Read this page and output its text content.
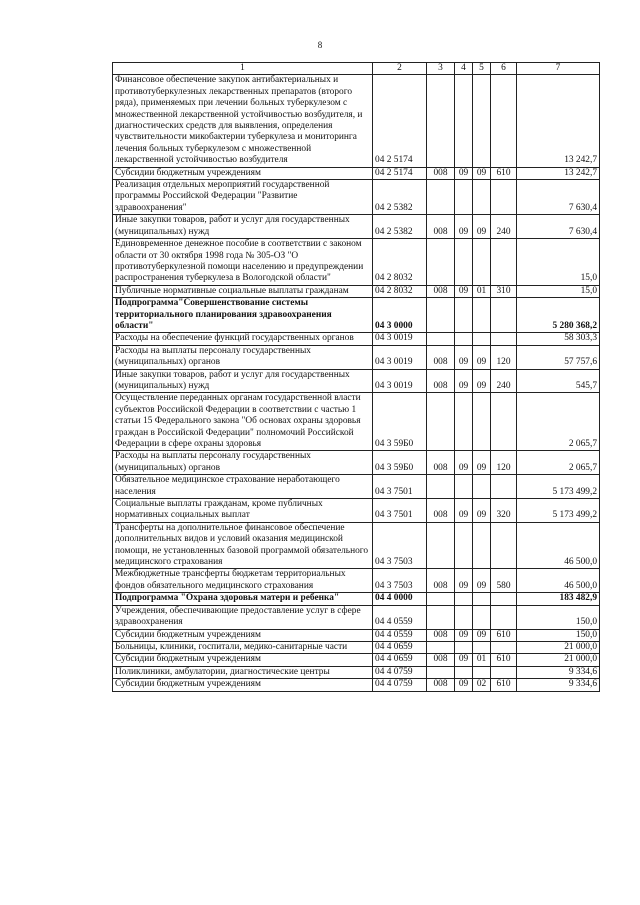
8
1	2	3	4	5	6	7
Финансовое обеспечение закупок антибактериальных и противотуберкулезных лекарственных препаратов (второго ряда), применяемых при лечении больных туберкулезом с множественной лекарственной устойчивостью возбудителя, и диагностических средств для выявления, определения чувствительности микобактерии туберкулеза и мониторинга лечения больных туберкулезом с множественной лекарственной устойчивостью возбудителя	04 2 5174					13 242,7
Субсидии бюджетным учреждениям	04 2 5174	008	09	09	610	13 242,7
Реализация отдельных мероприятий государственной программы Российской Федерации "Развитие здравоохранения"	04 2 5382					7 630,4
Иные закупки товаров, работ и услуг для государственных (муниципальных) нужд	04 2 5382	008	09	09	240	7 630,4
Единовременное денежное пособие в соответствии с законом области от 30 октября 1998 года № 305-ОЗ "О противотуберкулезной помощи населению и предупреждении распространения туберкулеза в Вологодской области"	04 2 8032					15,0
Публичные нормативные социальные выплаты гражданам	04 2 8032	008	09	01	310	15,0
Подпрограмма"Совершенствование системы территориального планирования здравоохранения области"	04 3 0000					5 280 368,2
Расходы на обеспечение функций государственных органов	04 3 0019					58 303,3
Расходы на выплаты персоналу государственных (муниципальных) органов	04 3 0019	008	09	09	120	57 757,6
Иные закупки товаров, работ и услуг для государственных (муниципальных) нужд	04 3 0019	008	09	09	240	545,7
Осуществление переданных органам государственной власти субъектов Российской Федерации в соответствии с частью 1 статьи 15 Федерального закона "Об основах охраны здоровья граждан в Российской Федерации" полномочий Российской Федерации в сфере охраны здоровья	04 3 59Б0					2 065,7
Расходы на выплаты персоналу государственных (муниципальных) органов	04 3 59Б0	008	09	09	120	2 065,7
Обязательное медицинское страхование неработающего населения	04 3 7501					5 173 499,2
Социальные выплаты гражданам, кроме публичных нормативных социальных выплат	04 3 7501	008	09	09	320	5 173 499,2
Трансферты на дополнительное финансовое обеспечение дополнительных видов и условий оказания медицинской помощи, не установленных базовой программой обязательного медицинского страхования	04 3 7503					46 500,0
Межбюджетные трансферты бюджетам территориальных фондов обязательного медицинского страхования	04 3 7503	008	09	09	580	46 500,0
Подпрограмма "Охрана здоровья матери и ребенка"	04 4 0000					183 482,9
Учреждения, обеспечивающие предоставление услуг в сфере здравоохранения	04 4 0559					150,0
Субсидии бюджетным учреждениям	04 4 0559	008	09	09	610	150,0
Больницы, клиники, госпитали, медико-санитарные части	04 4 0659					21 000,0
Субсидии бюджетным учреждениям	04 4 0659	008	09	01	610	21 000,0
Поликлиники, амбулатории, диагностические центры	04 4 0759					9 334,6
Субсидии бюджетным учреждениям	04 4 0759	008	09	02	610	9 334,6
